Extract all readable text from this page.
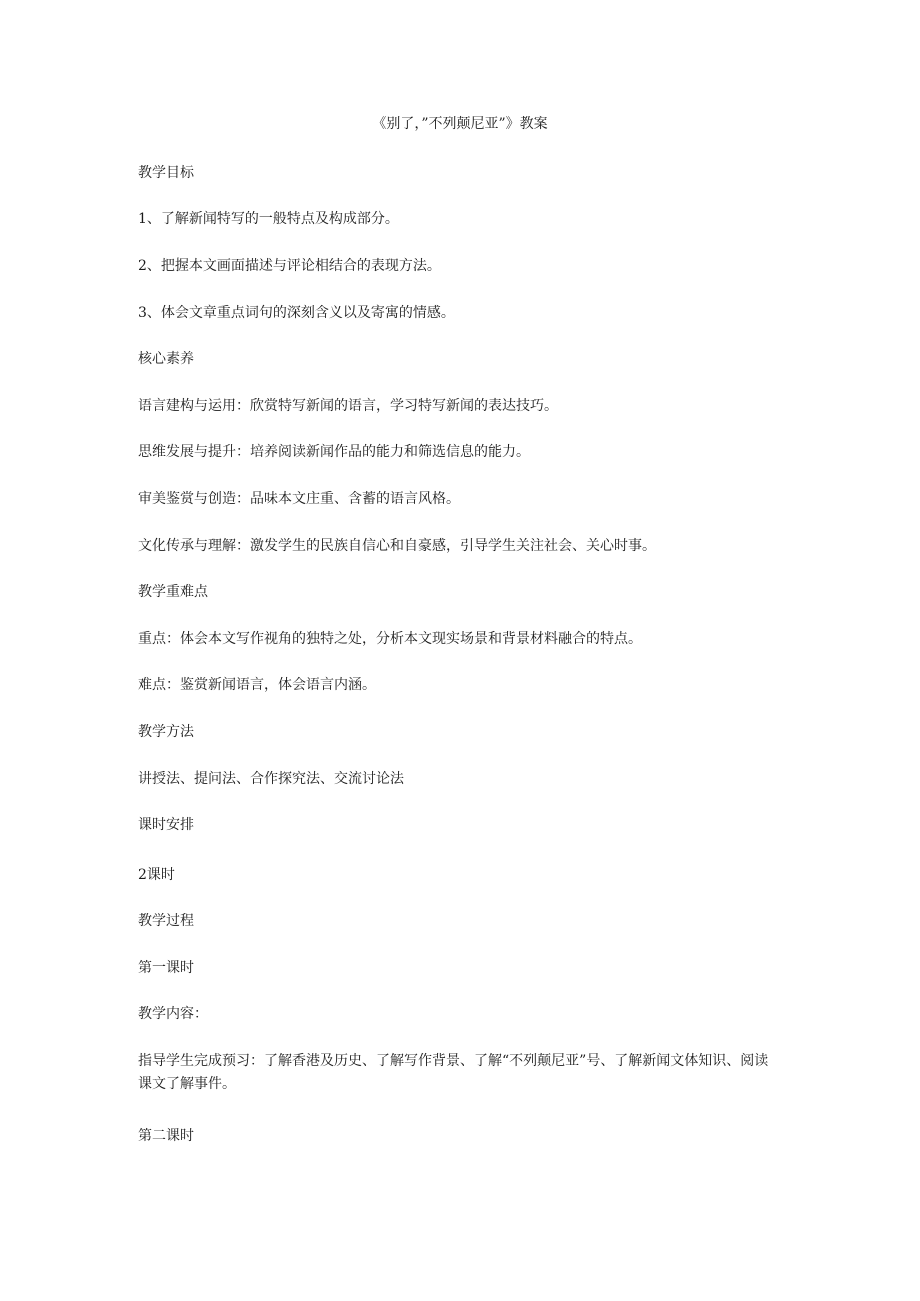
《别了，”不列颠尼亚”》教案

教学目标

1、了解新闻特写的一般特点及构成部分。

2、把握本文画面描述与评论相结合的表现方法。

3、体会文章重点词句的深刻含义以及寄寓的情感。

核心素养

语言建构与运用：欣赏特写新闻的语言，学习特写新闻的表达技巧。

思维发展与提升：培养阅读新闻作品的能力和筛选信息的能力。

审美鉴赏与创造：品味本文庄重、含蓄的语言风格。

文化传承与理解：激发学生的民族自信心和自豪感，引导学生关注社会、关心时事。

教学重难点

重点：体会本文写作视角的独特之处，分析本文现实场景和背景材料融合的特点。

难点：鉴赏新闻语言，体会语言内涵。

教学方法

讲授法、提问法、合作探究法、交流讨论法

课时安排

2课时

教学过程

第一课时

教学内容：

指导学生完成预习：了解香港及历史、了解写作背景、了解“不列颠尼亚”号、了解新闻文体知识、阅读课文了解事件。

第二课时
